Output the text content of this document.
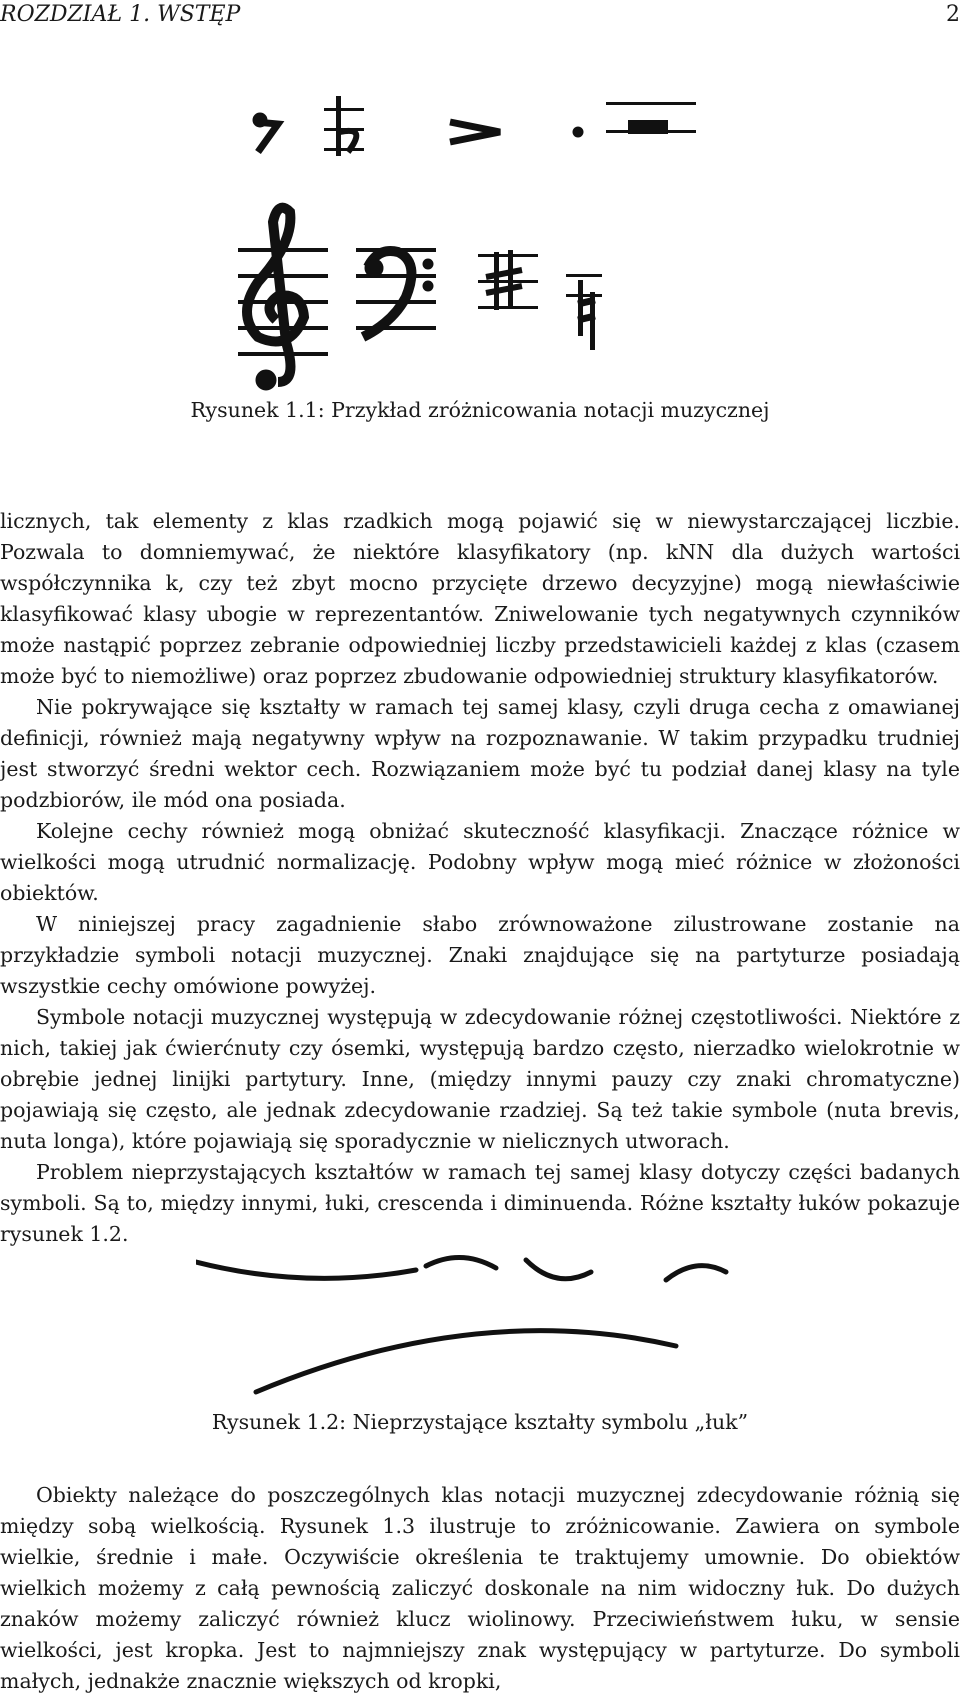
ROZDZIAŁ 1. WSTĘP	2
Rysunek 1.1: Przykład zróżnicowania notacji muzycznej

licznych, tak elementy z klas rzadkich mogą pojawić się w niewystarczającej liczbie. Pozwala to domniemywać, że niektóre klasyfikatory (np. kNN dla dużych wartości współczynnika k, czy też zbyt mocno przycięte drzewo decyzyjne) mogą niewłaściwie klasyfikować klasy ubogie w reprezentantów. Zniwelowanie tych negatywnych czynników może nastąpić poprzez zebranie odpowiedniej liczby przedstawicieli każdej z klas (czasem może być to niemożliwe) oraz poprzez zbudowanie odpowiedniej struktury klasyfikatorów.

Nie pokrywające się kształty w ramach tej samej klasy, czyli druga cecha z omawianej definicji, również mają negatywny wpływ na rozpoznawanie. W takim przypadku trudniej jest stworzyć średni wektor cech. Rozwiązaniem może być tu podział danej klasy na tyle podzbiorów, ile mód ona posiada.

Kolejne cechy również mogą obniżać skuteczność klasyfikacji. Znaczące różnice w wielkości mogą utrudnić normalizację. Podobny wpływ mogą mieć różnice w złożoności obiektów.

W niniejszej pracy zagadnienie słabo zrównoważone zilustrowane zostanie na przykładzie symboli notacji muzycznej. Znaki znajdujące się na partyturze posiadają wszystkie cechy omówione powyżej.

Symbole notacji muzycznej występują w zdecydowanie różnej częstotliwości. Niektóre z nich, takiej jak ćwierćnuty czy ósemki, występują bardzo często, nierzadko wielokrotnie w obrębie jednej linijki partytury. Inne, (między innymi pauzy czy znaki chromatyczne) pojawiają się często, ale jednak zdecydowanie rzadziej. Są też takie symbole (nuta brevis, nuta longa), które pojawiają się sporadycznie w nielicznych utworach.

Problem nieprzystających kształtów w ramach tej samej klasy dotyczy części badanych symboli. Są to, między innymi, łuki, crescenda i diminuenda. Różne kształty łuków pokazuje rysunek 1.2.

Rysunek 1.2: Nieprzystające kształty symbolu „łuk”

Obiekty należące do poszczególnych klas notacji muzycznej zdecydowanie różnią się między sobą wielkością. Rysunek 1.3 ilustruje to zróżnicowanie. Zawiera on symbole wielkie, średnie i małe. Oczywiście określenia te traktujemy umownie. Do obiektów wielkich możemy z całą pewnością zaliczyć doskonale na nim widoczny łuk. Do dużych znaków możemy zaliczyć również klucz wiolinowy. Przeciwieństwem łuku, w sensie wielkości, jest kropka. Jest to najmniejszy znak występujący w partyturze. Do symboli małych, jednakże znacznie większych od kropki,
